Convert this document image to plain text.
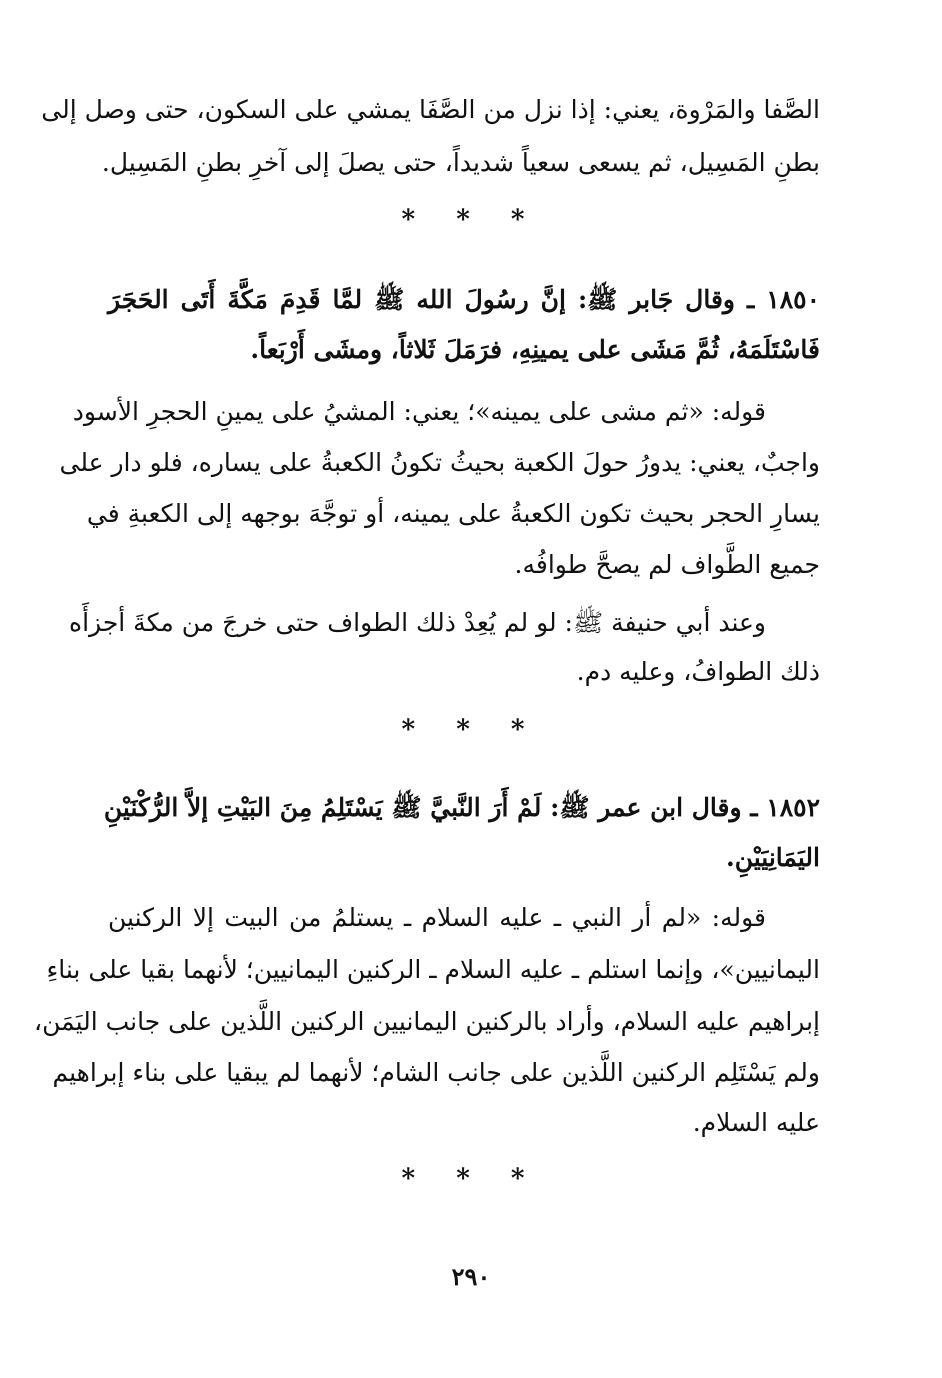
الصَّفا والمَرْوة، يعني: إذا نزل من الصَّفَا يمشي على السكون، حتى وصل إلى
بطنِ المَسِيل، ثم يسعى سعياً شديداً، حتى يصلَ إلى آخرِ بطنِ المَسِيل.
* * *
١٨٥٠ ـ وقال جَابر ﷺ: إنَّ رسُولَ الله ﷺ لمَّا قَدِمَ مَكَّةَ أَتَى الحَجَرَ
فَاسْتَلَمَهُ، ثُمَّ مَشَى على يمينِهِ، فرَمَلَ ثَلاثاً، ومشَى أَرْبَعاً.
قوله: «ثم مشى على يمينه»؛ يعني: المشيُ على يمينِ الحجرِ الأسود
واجبٌ، يعني: يدورُ حولَ الكعبة بحيثُ تكونُ الكعبةُ على يساره، فلو دار على
يسارِ الحجر بحيث تكون الكعبةُ على يمينه، أو توجَّهَ بوجهه إلى الكعبةِ في
جميع الطَّواف لم يصحَّ طوافُه.
وعند أبي حنيفة ﷺ: لو لم يُعِدْ ذلك الطواف حتى خرجَ من مكةَ أجزأَه
ذلك الطوافُ، وعليه دم.
* * *
١٨٥٢ ـ وقال ابن عمر ﷺ: لَمْ أَرَ النَّبيَّ ﷺ يَسْتَلِمُ مِنَ البَيْتِ إلاَّ الرُّكْنَيْنِ
اليَمَانِيَيْنِ.
قوله: «لم أر النبي ـ عليه السلام ـ يستلمُ من البيت إلا الركنين
اليمانيين»، وإنما استلم ـ عليه السلام ـ الركنين اليمانيين؛ لأنهما بقيا على بناءِ
إبراهيم عليه السلام، وأراد بالركنين اليمانيين الركنين اللَّذين على جانب اليَمَن،
ولم يَسْتَلِم الركنين اللَّذين على جانب الشام؛ لأنهما لم يبقيا على بناء إبراهيم
عليه السلام.
* * *
٢٩٠
